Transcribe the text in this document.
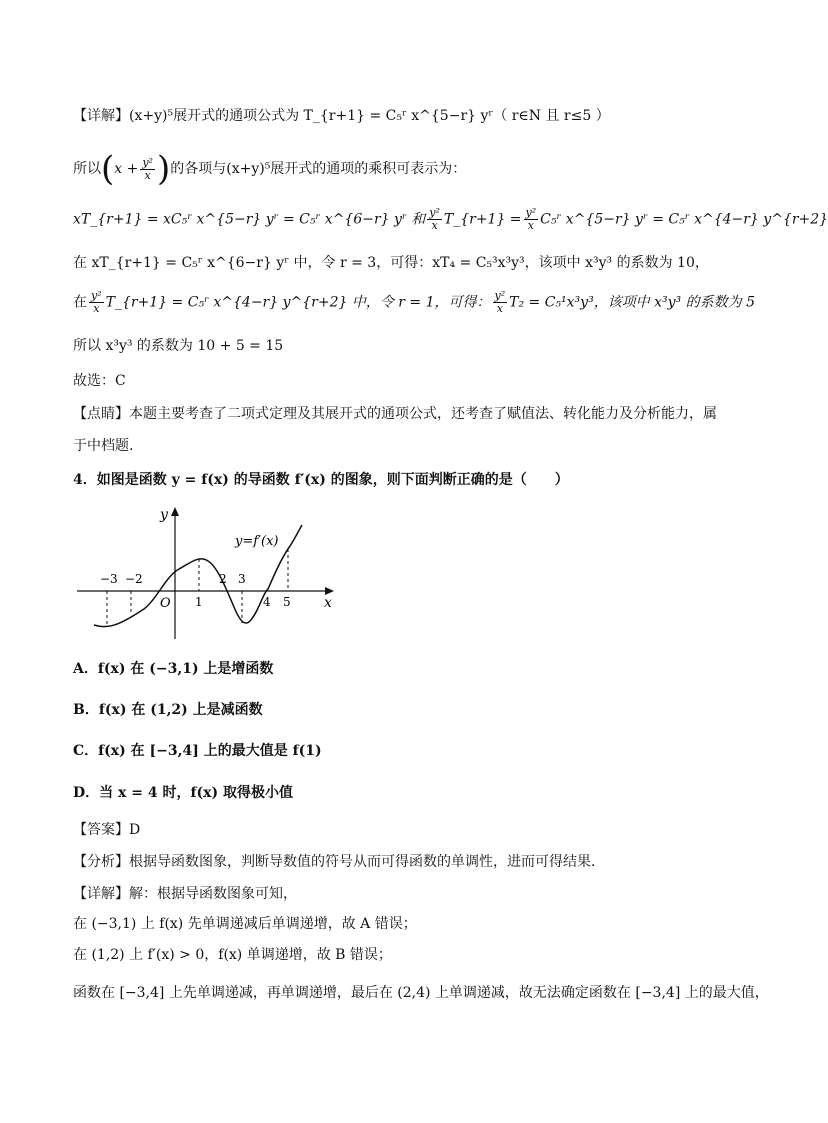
【详解】(x+y)⁵展开式的通项公式为 T_{r+1} = C₅ʳ x^{5−r} yʳ（ r∈N 且 r≤5 ）
所以($x + \frac{\text{y²}}{x}$ )的各项与(x+y)⁵展开式的通项的乘积可表示为：
xT_{r+1} = xC₅ʳ x^{5−r} yʳ = C₅ʳ x^{6−r} yʳ 和 $\frac{\text{y²}}{x}$ T_{r+1} = $\frac{\text{y²}}{x}$ C₅ʳ x^{5−r} yʳ = C₅ʳ x^{4−r} y^{r+2}
在 xT_{r+1} = C₅ʳ x^{6−r} yʳ 中，令 r = 3，可得：xT₄ = C₅³x³y³，该项中 x³y³ 的系数为 10，
在 $\frac{\text{y²}}{x}$ T_{r+1} = C₅ʳ x^{4−r} y^{r+2} 中，令 r = 1，可得： $\frac{\text{y²}}{x} T_2 = C_5^1x^3y^3$，该项中 x³y³ 的系数为 5
所以 x³y³ 的系数为 10 + 5 = 15
故选：C
【点睛】本题主要考查了二项式定理及其展开式的通项公式，还考查了赋值法、转化能力及分析能力，属
于中档题.
4．如图是函数 y = f(x) 的导函数 f′(x) 的图象，则下面判断正确的是（　　）
y
x
O
y=f′(x)
−3 −2
1
2 3
4 5
A．f(x) 在 (−3,1) 上是增函数
B．f(x) 在 (1,2) 上是减函数
C．f(x) 在 [−3,4] 上的最大值是 f(1)
D．当 x = 4 时，f(x) 取得极小值
【答案】D
【分析】根据导函数图象，判断导数值的符号从而可得函数的单调性，进而可得结果．
【详解】解：根据导函数图象可知，
在 (−3,1) 上 f(x) 先单调递减后单调递增，故 A 错误；
在 (1,2) 上 f′(x) > 0，f(x) 单调递增，故 B 错误；
函数在 [−3,4] 上先单调递减，再单调递增，最后在 (2,4) 上单调递减，故无法确定函数在 [−3,4] 上的最大值，
